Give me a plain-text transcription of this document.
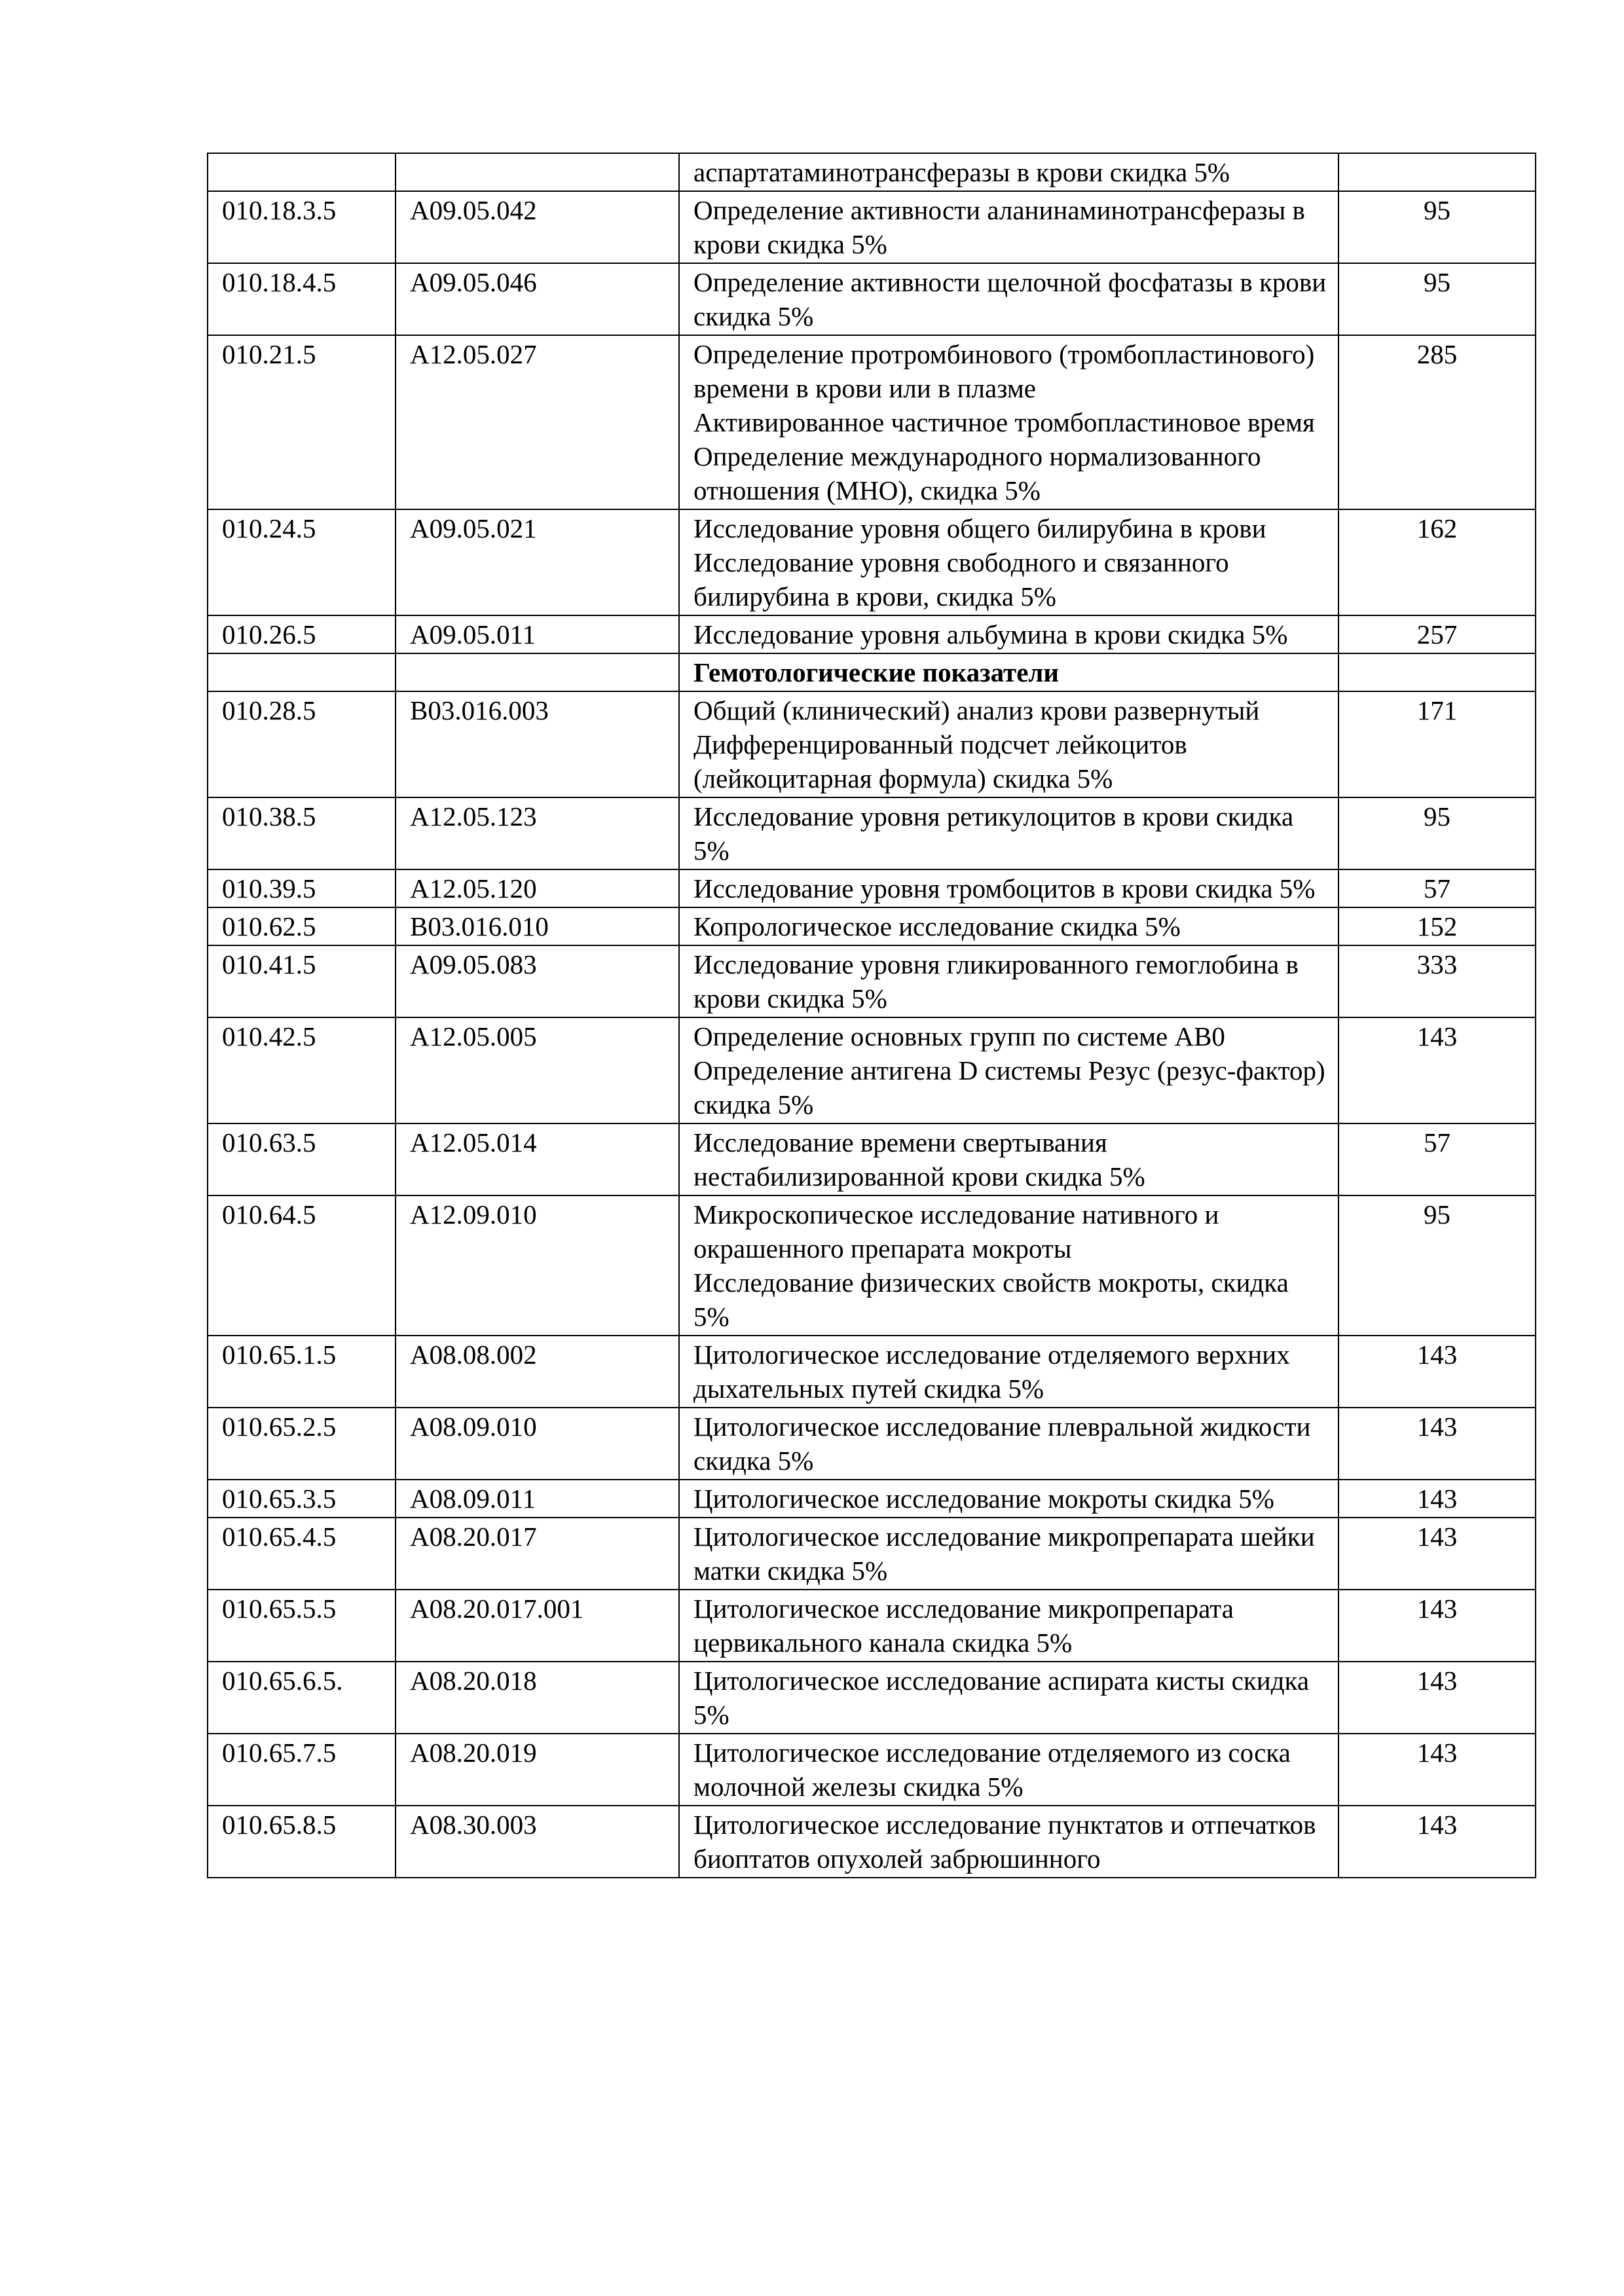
		аспартатаминотрансферазы в крови скидка 5%	
010.18.3.5	A09.05.042	Определение активности аланинаминотрансферазы в крови скидка 5%	95
010.18.4.5	A09.05.046	Определение активности щелочной фосфатазы в крови скидка 5%	95
010.21.5	A12.05.027	Определение протромбинового (тромбопластинового) времени в крови или в плазме
Активированное частичное тромбопластиновое время
Определение международного нормализованного отношения (МНО), скидка 5%	285
010.24.5	A09.05.021	Исследование уровня общего билирубина в крови
Исследование уровня свободного и связанного билирубина в крови, скидка 5%	162
010.26.5	A09.05.011	Исследование уровня альбумина в крови скидка 5%	257
		Гемотологические показатели	
010.28.5	B03.016.003	Общий (клинический) анализ крови развернутый
Дифференцированный подсчет лейкоцитов (лейкоцитарная формула) скидка 5%	171
010.38.5	A12.05.123	Исследование уровня ретикулоцитов в крови скидка 5%	95
010.39.5	A12.05.120	Исследование уровня тромбоцитов в крови скидка 5%	57
010.62.5	B03.016.010	Копрологическое исследование скидка 5%	152
010.41.5	A09.05.083	Исследование уровня гликированного гемоглобина в крови скидка 5%	333
010.42.5	A12.05.005	Определение основных групп по системе AB0
Определение антигена D системы Резус (резус-фактор) скидка 5%	143
010.63.5	A12.05.014	Исследование времени свертывания нестабилизированной крови скидка 5%	57
010.64.5	A12.09.010	Микроскопическое исследование нативного и окрашенного препарата мокроты
Исследование физических свойств мокроты, скидка 5%	95
010.65.1.5	A08.08.002	Цитологическое исследование отделяемого верхних дыхательных путей скидка 5%	143
010.65.2.5	A08.09.010	Цитологическое исследование плевральной жидкости скидка 5%	143
010.65.3.5	A08.09.011	Цитологическое исследование мокроты скидка 5%	143
010.65.4.5	A08.20.017	Цитологическое исследование микропрепарата шейки матки скидка 5%	143
010.65.5.5	A08.20.017.001	Цитологическое исследование микропрепарата цервикального канала скидка 5%	143
010.65.6.5.	A08.20.018	Цитологическое исследование аспирата кисты скидка 5%	143
010.65.7.5	A08.20.019	Цитологическое исследование отделяемого из соска молочной железы скидка 5%	143
010.65.8.5	A08.30.003	Цитологическое исследование пунктатов и отпечатков биоптатов опухолей забрюшинного	143
